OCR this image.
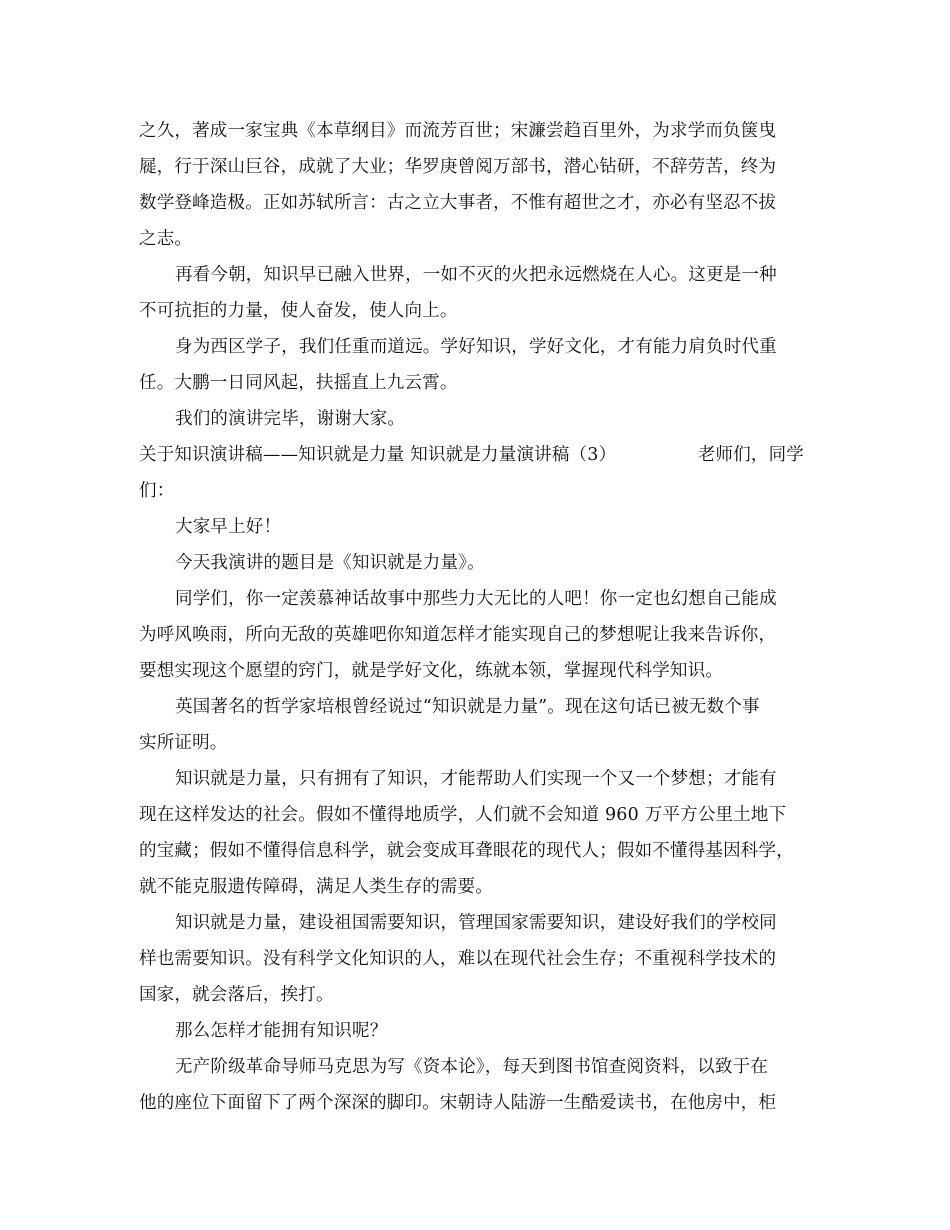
之久，著成一家宝典《本草纲目》而流芳百世；宋濂尝趋百里外，为求学而负箧曳
屣，行于深山巨谷，成就了大业；华罗庚曾阅万部书，潜心钻研，不辞劳苦，终为
数学登峰造极。正如苏轼所言：古之立大事者，不惟有超世之才，亦必有坚忍不拔
之志。
再看今朝，知识早已融入世界，一如不灭的火把永远燃烧在人心。这更是一种
不可抗拒的力量，使人奋发，使人向上。
身为西区学子，我们任重而道远。学好知识，学好文化，才有能力肩负时代重
任。大鹏一日同风起，扶摇直上九云霄。
我们的演讲完毕，谢谢大家。
关于知识演讲稿——知识就是力量 知识就是力量演讲稿（3）	老师们，同学
们：
大家早上好！
今天我演讲的题目是《知识就是力量》。
同学们，你一定羡慕神话故事中那些力大无比的人吧！你一定也幻想自己能成
为呼风唤雨，所向无敌的英雄吧你知道怎样才能实现自己的梦想呢让我来告诉你，
要想实现这个愿望的窍门，就是学好文化，练就本领，掌握现代科学知识。
英国著名的哲学家培根曾经说过“知识就是力量”。现在这句话已被无数个事
实所证明。
知识就是力量，只有拥有了知识，才能帮助人们实现一个又一个梦想；才能有
现在这样发达的社会。假如不懂得地质学，人们就不会知道 960 万平方公里土地下
的宝藏；假如不懂得信息科学，就会变成耳聋眼花的现代人；假如不懂得基因科学，
就不能克服遗传障碍，满足人类生存的需要。
知识就是力量，建设祖国需要知识，管理国家需要知识，建设好我们的学校同
样也需要知识。没有科学文化知识的人，难以在现代社会生存；不重视科学技术的
国家，就会落后，挨打。
那么怎样才能拥有知识呢？
无产阶级革命导师马克思为写《资本论》，每天到图书馆查阅资料，以致于在
他的座位下面留下了两个深深的脚印。宋朝诗人陆游一生酷爱读书，在他房中，柜
